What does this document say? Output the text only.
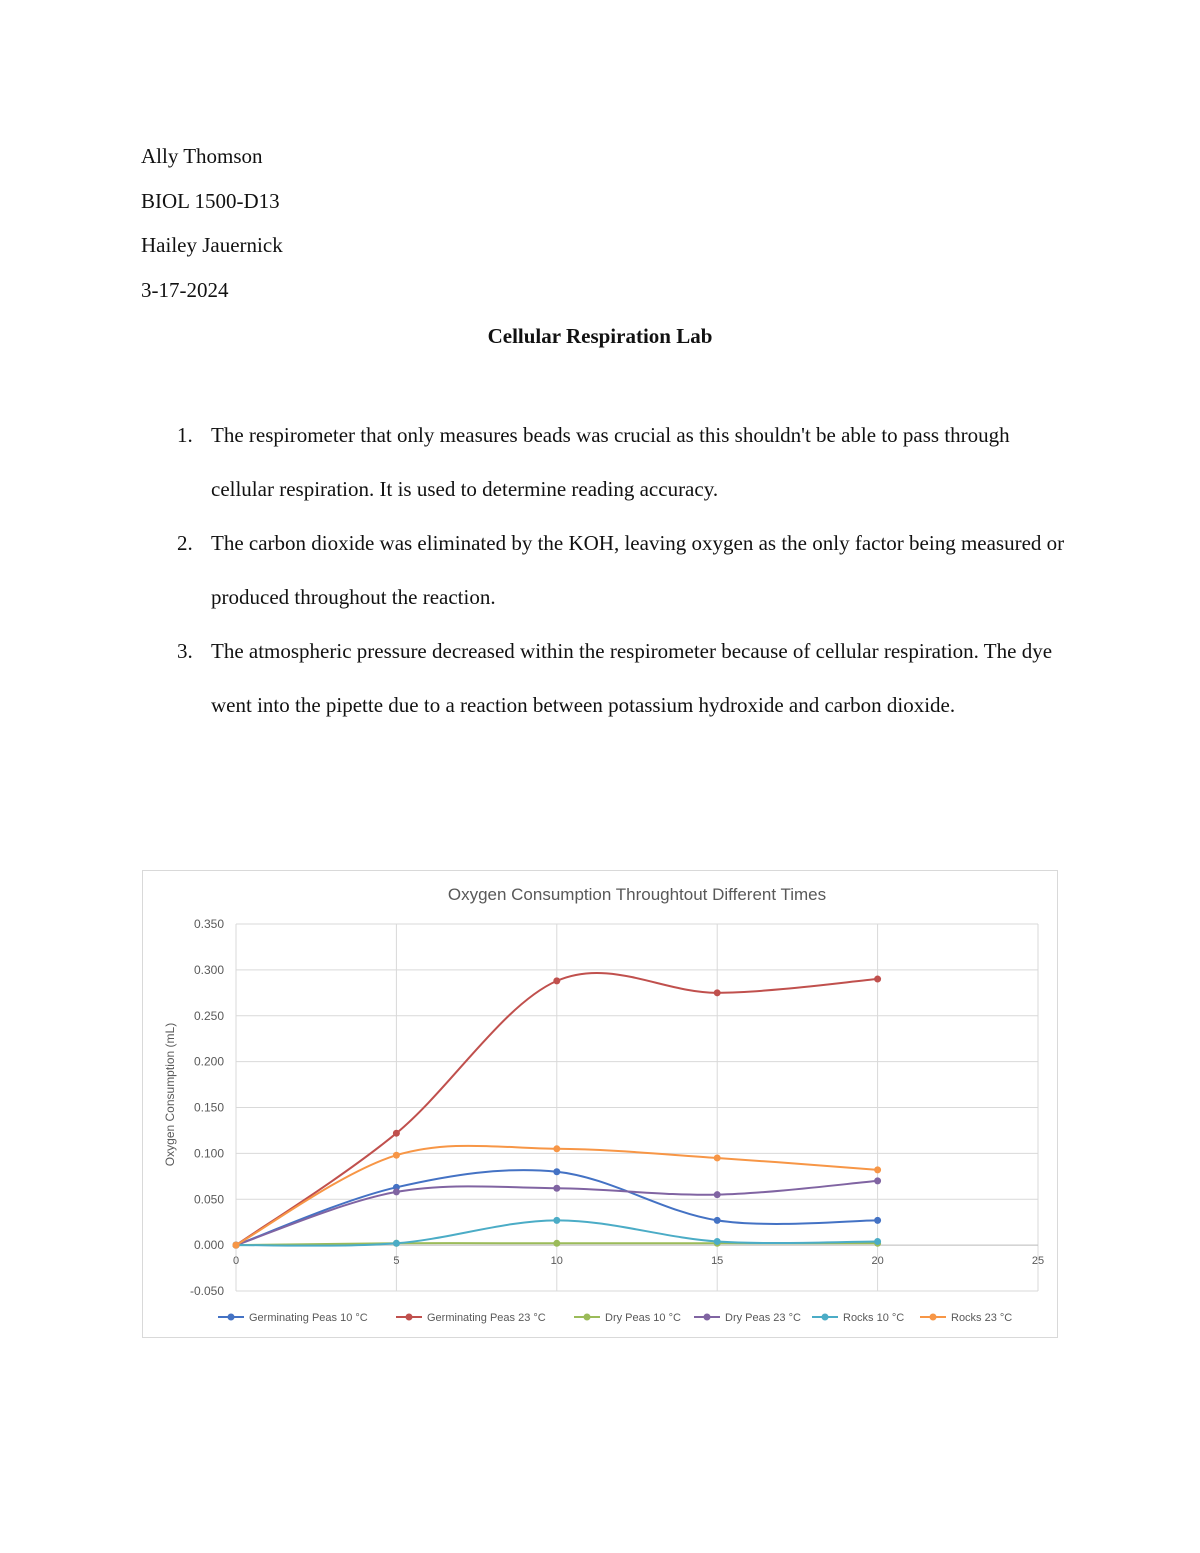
Ally Thomson

BIOL 1500-D13

Hailey Jauernick

3-17-2024

Cellular Respiration Lab
1. The respirometer that only measures beads was crucial as this shouldn't be able to pass through cellular respiration. It is used to determine reading accuracy.
2. The carbon dioxide was eliminated by the KOH, leaving oxygen as the only factor being measured or produced throughout the reaction.
3. The atmospheric pressure decreased within the respirometer because of cellular respiration. The dye went into the pipette due to a reaction between potassium hydroxide and carbon dioxide.
Oxygen Consumption Throughtout Different Times
-0.050
0.000
0.050
0.100
0.150
0.200
0.250
0.300
0.350
0	5	10	15	20	25
Oxygen Consumption (mL)
Germinating Peas 10 °C	Germinating Peas 23 °C	Dry Peas 10 °C	Dry Peas 23 °C	Rocks 10 °C	Rocks 23 °C
